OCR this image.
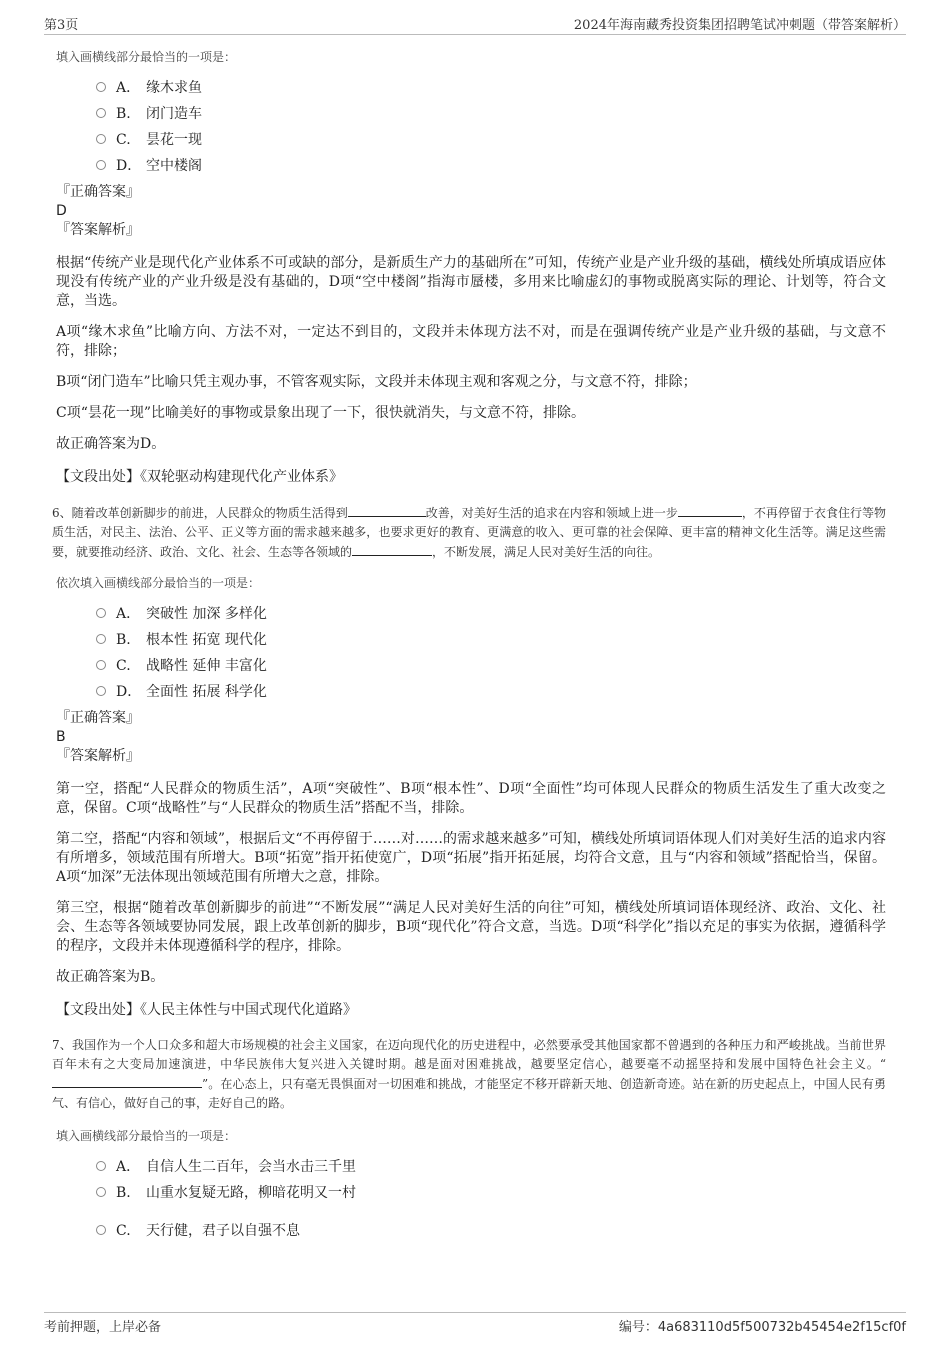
第3页	2024年海南藏秀投资集团招聘笔试冲刺题（带答案解析）
填入画横线部分最恰当的一项是：
A． 缘木求鱼
B. 闭门造车
C. 昙花一现
D． 空中楼阁
『正确答案』
D
『答案解析』
根据“传统产业是现代化产业体系不可或缺的部分，是新质生产力的基础所在”可知，传统产业是产业升级的基础，横线处所填成语应体现没有传统产业的产业升级是没有基础的，D项“空中楼阁”指海市蜃楼，多用来比喻虚幻的事物或脱离实际的理论、计划等，符合文意，当选。
A项“缘木求鱼”比喻方向、方法不对，一定达不到目的，文段并未体现方法不对，而是在强调传统产业是产业升级的基础，与文意不符，排除；
B项“闭门造车”比喻只凭主观办事，不管客观实际，文段并未体现主观和客观之分，与文意不符，排除；
C项“昙花一现”比喻美好的事物或景象出现了一下，很快就消失，与文意不符，排除。
故正确答案为D。
【文段出处】《双轮驱动构建现代化产业体系》
6、随着改革创新脚步的前进，人民群众的物质生活得到	改善，对美好生活的追求在内容和领域上进一步	，不再停留于衣食住行等物质生活，对民主、法治、公平、正义等方面的需求越来越多，也要求更好的教育、更满意的收入、更可靠的社会保障、更丰富的精神文化生活等。满足这些需要，就要推动经济、政治、文化、社会、生态等各领域的	，不断发展，满足人民对美好生活的向往。
依次填入画横线部分最恰当的一项是：
A． 突破性 加深 多样化
B. 根本性 拓宽 现代化
C. 战略性 延伸 丰富化
D． 全面性 拓展 科学化
『正确答案』
B
『答案解析』
第一空，搭配“人民群众的物质生活”，A项“突破性”、B项“根本性”、D项“全面性”均可体现人民群众的物质生活发生了重大改变之意，保留。C项“战略性”与“人民群众的物质生活”搭配不当，排除。
第二空，搭配“内容和领域”，根据后文“不再停留于……对……的需求越来越多”可知，横线处所填词语体现人们对美好生活的追求内容有所增多，领域范围有所增大。B项“拓宽”指开拓使宽广，D项“拓展”指开拓延展，均符合文意，且与“内容和领域”搭配恰当，保留。A项“加深”无法体现出领域范围有所增大之意，排除。
第三空，根据“随着改革创新脚步的前进”“不断发展”“满足人民对美好生活的向往”可知，横线处所填词语体现经济、政治、文化、社会、生态等各领域要协同发展，跟上改革创新的脚步，B项“现代化”符合文意，当选。D项“科学化”指以充足的事实为依据，遵循科学的程序，文段并未体现遵循科学的程序，排除。
故正确答案为B。
【文段出处】《人民主体性与中国式现代化道路》
7、我国作为一个人口众多和超大市场规模的社会主义国家，在迈向现代化的历史进程中，必然要承受其他国家都不曾遇到的各种压力和严峻挑战。当前世界百年未有之大变局加速演进，中华民族伟大复兴进入关键时期。越是面对困难挑战，越要坚定信心，越要毫不动摇坚持和发展中国特色社会主义。“”。在心态上，只有毫无畏惧面对一切困难和挑战，才能坚定不移开辟新天地、创造新奇迹。站在新的历史起点上，中国人民有勇气、有信心，做好自己的事，走好自己的路。
填入画横线部分最恰当的一项是：
A． 自信人生二百年，会当水击三千里
B. 山重水复疑无路，柳暗花明又一村
C. 天行健，君子以自强不息
考前押题，上岸必备	编号：4a683110d5f500732b45454e2f15cf0f
